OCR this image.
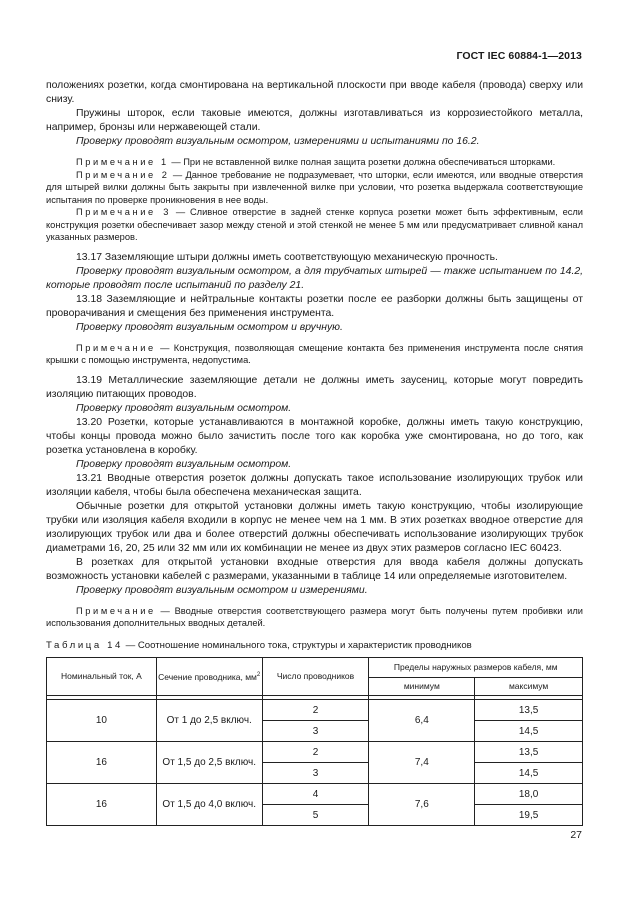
ГОСТ IEC 60884-1—2013

положениях розетки, когда смонтирована на вертикальной плоскости при вводе кабеля (провода) сверху или снизу.

Пружины шторок, если таковые имеются, должны изготавливаться из коррозиестойкого металла, например, бронзы или нержавеющей стали.

Проверку проводят визуальным осмотром, измерениями и испытаниями по 16.2.

Примечание 1 — При не вставленной вилке полная защита розетки должна обеспечиваться шторками.

Примечание 2 — Данное требование не подразумевает, что шторки, если имеются, или вводные отверстия для штырей вилки должны быть закрыты при извлеченной вилке при условии, что розетка выдержала соответствующие испытания по проверке проникновения в нее воды.

Примечание 3 — Сливное отверстие в задней стенке корпуса розетки может быть эффективным, если конструкция розетки обеспечивает зазор между стеной и этой стенкой не менее 5 мм или предусматривает сливной канал указанных размеров.

13.17 Заземляющие штыри должны иметь соответствующую механическую прочность.

Проверку проводят визуальным осмотром, а для трубчатых штырей — также испытанием по 14.2, которые проводят после испытаний по разделу 21.

13.18 Заземляющие и нейтральные контакты розетки после ее разборки должны быть защищены от проворачивания и смещения без применения инструмента.

Проверку проводят визуальным осмотром и вручную.

Примечание — Конструкция, позволяющая смещение контакта без применения инструмента после снятия крышки с помощью инструмента, недопустима.

13.19 Металлические заземляющие детали не должны иметь заусениц, которые могут повредить изоляцию питающих проводов.

Проверку проводят визуальным осмотром.

13.20 Розетки, которые устанавливаются в монтажной коробке, должны иметь такую конструкцию, чтобы концы провода можно было зачистить после того как коробка уже смонтирована, но до того, как розетка установлена в коробку.

Проверку проводят визуальным осмотром.

13.21 Вводные отверстия розеток должны допускать такое использование изолирующих трубок или изоляции кабеля, чтобы была обеспечена механическая защита.

Обычные розетки для открытой установки должны иметь такую конструкцию, чтобы изолирующие трубки или изоляция кабеля входили в корпус не менее чем на 1 мм. В этих розетках вводное отверстие для изолирующих трубок или два и более отверстий должны обеспечивать использование изолирующих трубок диаметрами 16, 20, 25 или 32 мм или их комбинации не менее из двух этих размеров согласно IEC 60423.

В розетках для открытой установки входные отверстия для ввода кабеля должны допускать возможность установки кабелей с размерами, указанными в таблице 14 или определяемые изготовителем.

Проверку проводят визуальным осмотром и измерениями.

Примечание — Вводные отверстия соответствующего размера могут быть получены путем пробивки или использования дополнительных вводных деталей.

Таблица 14 — Соотношение номинального тока, структуры и характеристик проводников
Номинальный ток, А	Сечение проводника, $мм^2$	Число проводников	Пределы наружных размеров кабеля, мм	
			минимум	максимум

10	От 1 до 2,5 включ.	2	6,4	13,5
		3		14,5
16	От 1,5 до 2,5 включ.	2	7,4	13,5
		3		14,5
16	От 1,5 до 4,0 включ.	4	7,6	18,0
		5		19,5
27
